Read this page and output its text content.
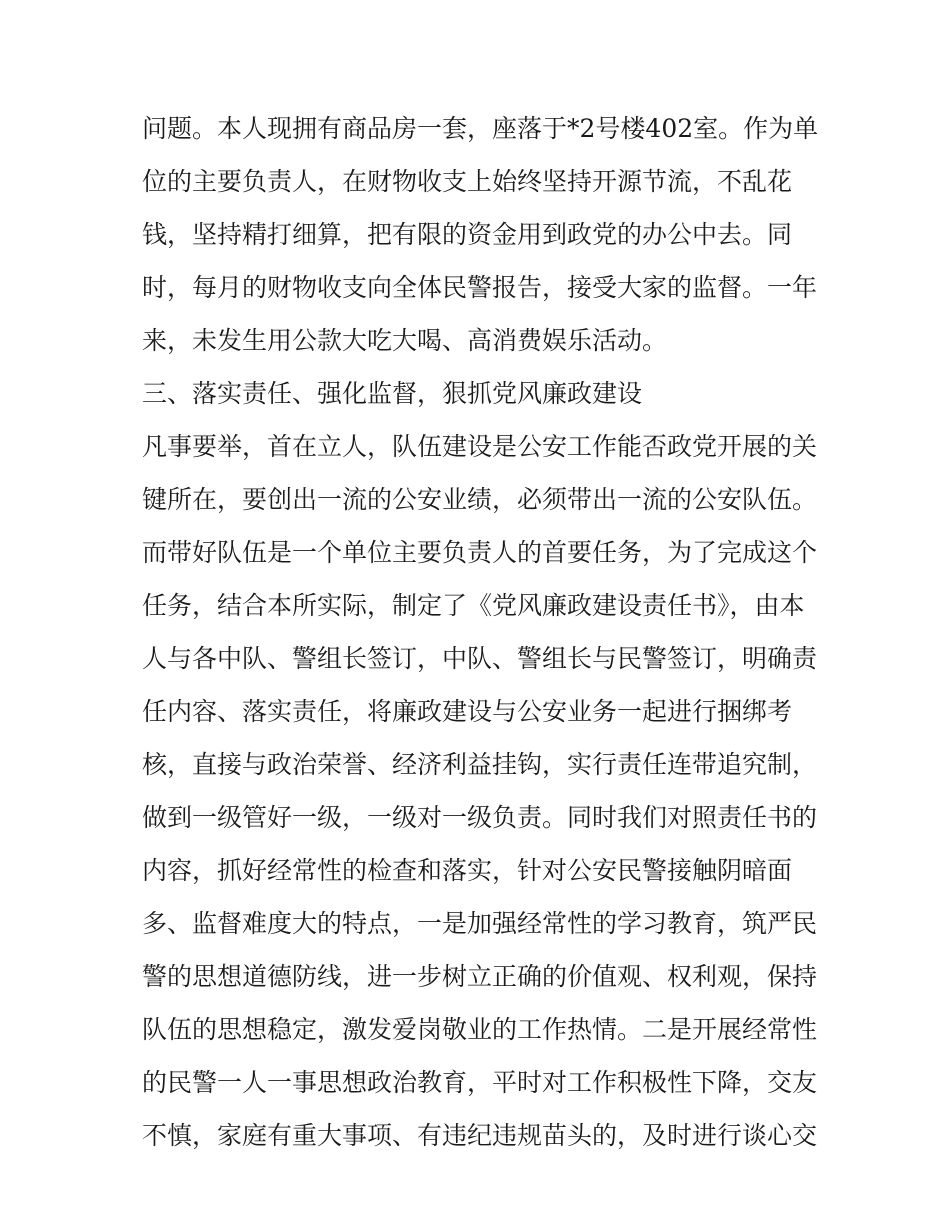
问题。本人现拥有商品房一套，座落于*2号楼402室。作为单
位的主要负责人，在财物收支上始终坚持开源节流，不乱花
钱，坚持精打细算，把有限的资金用到政党的办公中去。同
时，每月的财物收支向全体民警报告，接受大家的监督。一年
来，未发生用公款大吃大喝、高消费娱乐活动。
三、落实责任、强化监督，狠抓党风廉政建设
凡事要举，首在立人，队伍建设是公安工作能否政党开展的关
键所在，要创出一流的公安业绩，必须带出一流的公安队伍。
而带好队伍是一个单位主要负责人的首要任务，为了完成这个
任务，结合本所实际，制定了《党风廉政建设责任书》，由本
人与各中队、警组长签订，中队、警组长与民警签订，明确责
任内容、落实责任，将廉政建设与公安业务一起进行捆绑考
核，直接与政治荣誉、经济利益挂钩，实行责任连带追究制，
做到一级管好一级，一级对一级负责。同时我们对照责任书的
内容，抓好经常性的检查和落实，针对公安民警接触阴暗面
多、监督难度大的特点，一是加强经常性的学习教育，筑严民
警的思想道德防线，进一步树立正确的价值观、权利观，保持
队伍的思想稳定，激发爱岗敬业的工作热情。二是开展经常性
的民警一人一事思想政治教育，平时对工作积极性下降，交友
不慎，家庭有重大事项、有违纪违规苗头的，及时进行谈心交
